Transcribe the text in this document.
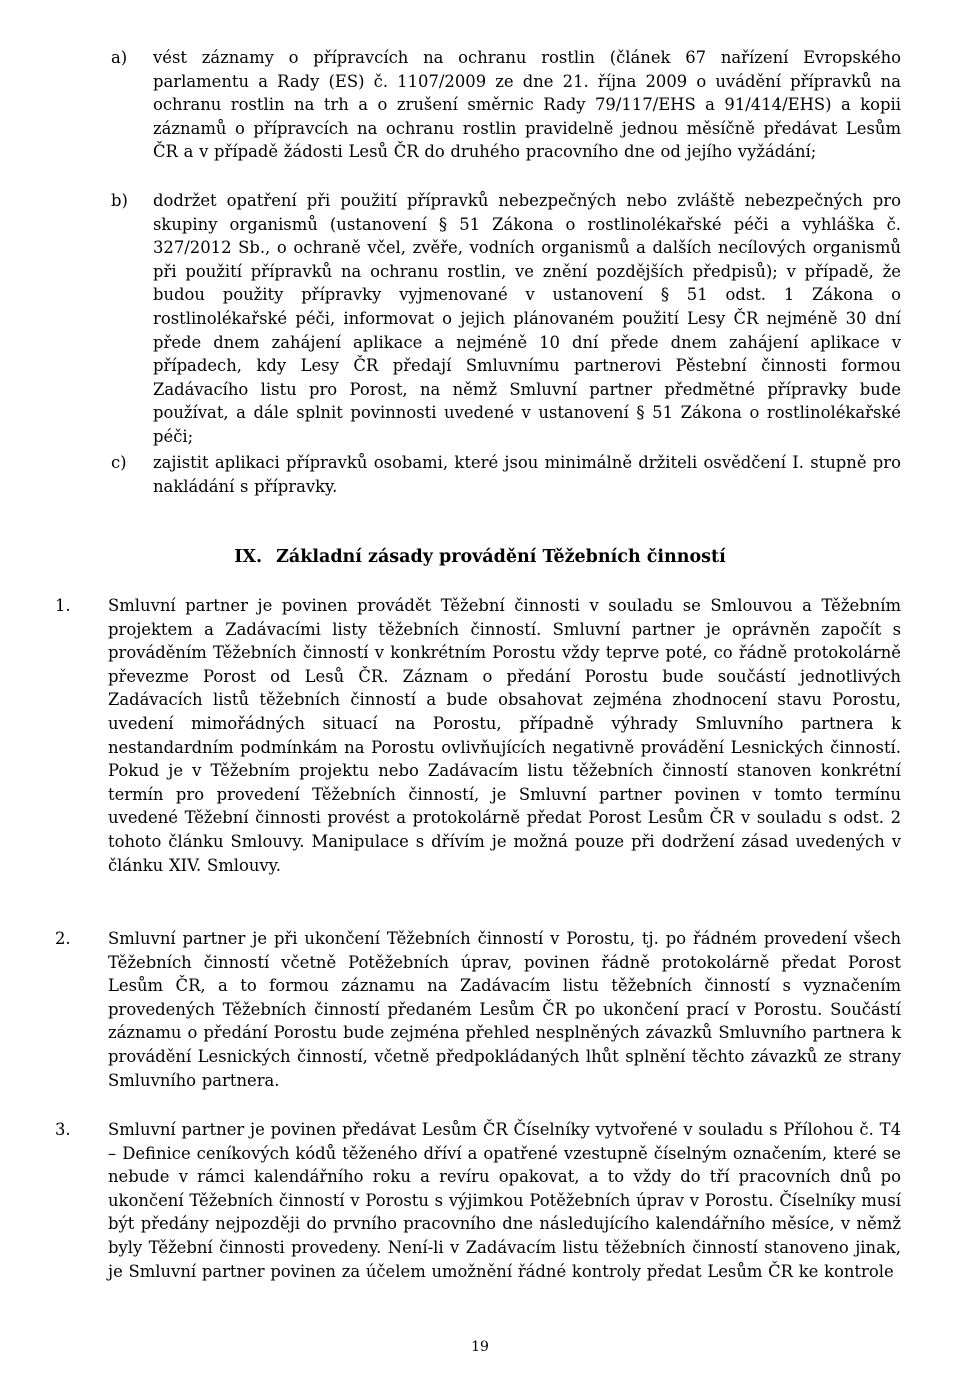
a) vést záznamy o přípravcích na ochranu rostlin (článek 67 nařízení Evropského parlamentu a Rady (ES) č. 1107/2009 ze dne 21. října 2009 o uvádění přípravků na ochranu rostlin na trh a o zrušení směrnic Rady 79/117/EHS a 91/414/EHS) a kopii záznamů o přípravcích na ochranu rostlin pravidelně jednou měsíčně předávat Lesům ČR a v případě žádosti Lesů ČR do druhého pracovního dne od jejího vyžádání;

b) dodržet opatření při použití přípravků nebezpečných nebo zvláště nebezpečných pro skupiny organismů (ustanovení § 51 Zákona o rostlinolékařské péči a vyhláška č. 327/2012 Sb., o ochraně včel, zvěře, vodních organismů a dalších necílových organismů při použití přípravků na ochranu rostlin, ve znění pozdějších předpisů); v případě, že budou použity přípravky vyjmenované v ustanovení § 51 odst. 1 Zákona o rostlinolékařské péči, informovat o jejich plánovaném použití Lesy ČR nejméně 30 dní přede dnem zahájení aplikace a nejméně 10 dní přede dnem zahájení aplikace v případech, kdy Lesy ČR předají Smluvnímu partnerovi Pěstební činnosti formou Zadávacího listu pro Porost, na němž Smluvní partner předmětné přípravky bude používat, a dále splnit povinnosti uvedené v ustanovení § 51 Zákona o rostlinolékařské péči;

c) zajistit aplikaci přípravků osobami, které jsou minimálně držiteli osvědčení I. stupně pro nakládání s přípravky.

IX. Základní zásady provádění Těžebních činností
1. Smluvní partner je povinen provádět Těžební činnosti v souladu se Smlouvou a Těžebním projektem a Zadávacími listy těžebních činností. Smluvní partner je oprávněn započít s prováděním Těžebních činností v konkrétním Porostu vždy teprve poté, co řádně protokolárně převezme Porost od Lesů ČR. Záznam o předání Porostu bude součástí jednotlivých Zadávacích listů těžebních činností a bude obsahovat zejména zhodnocení stavu Porostu, uvedení mimořádných situací na Porostu, případně výhrady Smluvního partnera k nestandardním podmínkám na Porostu ovlivňujících negativně provádění Lesnických činností. Pokud je v Těžebním projektu nebo Zadávacím listu těžebních činností stanoven konkrétní termín pro provedení Těžebních činností, je Smluvní partner povinen v tomto termínu uvedené Těžební činnosti provést a protokolárně předat Porost Lesům ČR v souladu s odst. 2 tohoto článku Smlouvy. Manipulace s dřívím je možná pouze při dodržení zásad uvedených v článku XIV. Smlouvy.

2. Smluvní partner je při ukončení Těžebních činností v Porostu, tj. po řádném provedení všech Těžebních činností včetně Potěžebních úprav, povinen řádně protokolárně předat Porost Lesům ČR, a to formou záznamu na Zadávacím listu těžebních činností s vyznačením provedených Těžebních činností předaném Lesům ČR po ukončení prací v Porostu. Součástí záznamu o předání Porostu bude zejména přehled nesplněných závazků Smluvního partnera k provádění Lesnických činností, včetně předpokládaných lhůt splnění těchto závazků ze strany Smluvního partnera.

3. Smluvní partner je povinen předávat Lesům ČR Číselníky vytvořené v souladu s Přílohou č. T4 – Definice ceníkových kódů těženého dříví a opatřené vzestupně číselným označením, které se nebude v rámci kalendářního roku a revíru opakovat, a to vždy do tří pracovních dnů po ukončení Těžebních činností v Porostu s výjimkou Potěžebních úprav v Porostu. Číselníky musí být předány nejpozději do prvního pracovního dne následujícího kalendářního měsíce, v němž byly Těžební činnosti provedeny. Není-li v Zadávacím listu těžebních činností stanoveno jinak, je Smluvní partner povinen za účelem umožnění řádné kontroly předat Lesům ČR ke kontrole

19
